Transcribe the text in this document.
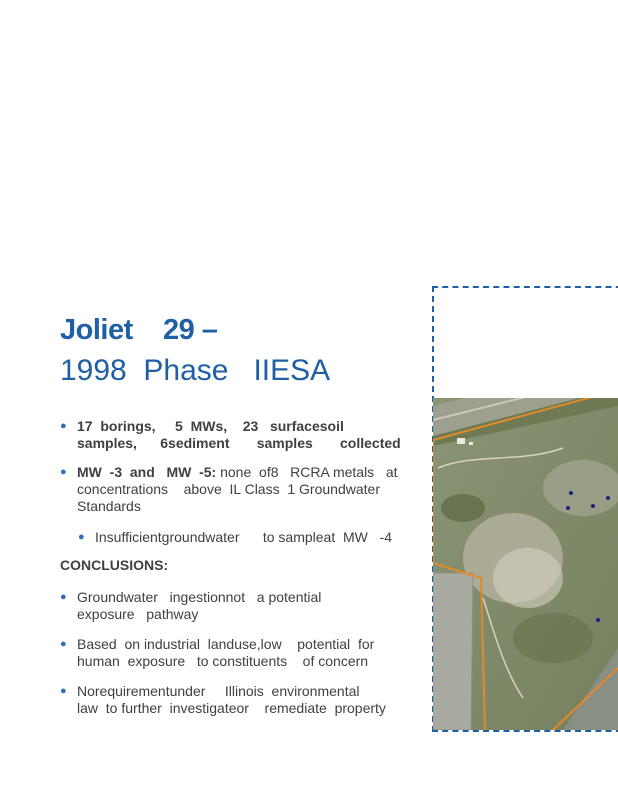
Joliet    29 –
1998  Phase   IIESA
● 17  borings,     5  MWs,    23   surfacesoil
samples,      6sediment       samples       collected
● MW  -3  and   MW  -5: none  of8   RCRA metals   at
concentrations    above  IL Class  1 Groundwater
Standards
● Insufficientgroundwater      to sampleat  MW   -4
CONCLUSIONS:
● Groundwater   ingestionnot   a potential
exposure   pathway
● Based  on industrial  landuse,low    potential  for
human  exposure   to constituents    of concern
● Norequirementunder     Illinois  environmental
law  to further  investigateor    remediate  property
